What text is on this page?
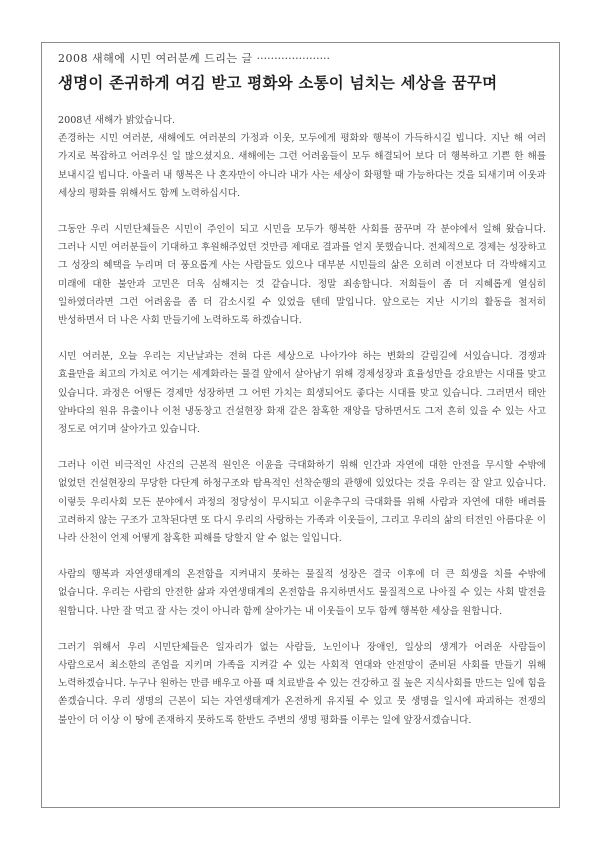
2008 새해에 시민 여러분께 드리는 글 ·····················
생명이 존귀하게 여김 받고 평화와 소통이 넘치는 세상을 꿈꾸며

2008년 새해가 밝았습니다.

존경하는 시민 여러분, 새해에도 여러분의 가정과 이웃, 모두에게 평화와 행복이 가득하시길 빕니다. 지난 해 여러 가지로 복잡하고 어려우신 일 많으셨지요. 새해에는 그런 어려움들이 모두 해결되어 보다 더 행복하고 기쁜 한 해를 보내시길 빕니다. 아울러 내 행복은 나 혼자만이 아니라 내가 사는 세상이 화평할 때 가능하다는 것을 되새기며 이웃과 세상의 평화를 위해서도 함께 노력하십시다.

그동안 우리 시민단체들은 시민이 주인이 되고 시민을 모두가 행복한 사회를 꿈꾸며 각 분야에서 일해 왔습니다. 그러나 시민 여러분들이 기대하고 후원해주었던 것만큼 제대로 결과를 얻지 못했습니다. 전체적으로 경제는 성장하고 그 성장의 혜택을 누리며 더 풍요롭게 사는 사람들도 있으나 대부분 시민들의 삶은 오히려 이전보다 더 각박해지고 미래에 대한 불안과 고민은 더욱 심해지는 것 같습니다. 정말 죄송합니다. 저희들이 좀 더 지혜롭게 열심히 일하였더라면 그런 어려움을 좀 더 감소시킬 수 있었을 텐데 말입니다. 앞으로는 지난 시기의 활동을 철저히 반성하면서 더 나은 사회 만들기에 노력하도록 하겠습니다.

시민 여러분, 오늘 우리는 지난날과는 전혀 다른 세상으로 나아가야 하는 변화의 갈림길에 서있습니다. 경쟁과 효율만을 최고의 가치로 여기는 세계화라는 물결 앞에서 살아남기 위해 경제성장과 효율성만을 강요받는 시대를 맞고 있습니다. 과정은 어떻든 경제만 성장하면 그 어떤 가치는 희생되어도 좋다는 시대를 맞고 있습니다. 그러면서 태안 앞바다의 원유 유출이나 이천 냉동창고 건설현장 화재 같은 참혹한 재앙을 당하면서도 그저 흔히 있을 수 있는 사고 정도로 여기며 살아가고 있습니다.

그러나 이런 비극적인 사건의 근본적 원인은 이윤을 극대화하기 위해 인간과 자연에 대한 안전을 무시할 수밖에 없었던 건설현장의 무당한 다단계 하청구조와 탐욕적인 선착순행의 관행에 있었다는 것을 우리는 잘 알고 있습니다. 이렇듯 우리사회 모든 분야에서 과정의 정당성이 무시되고 이윤추구의 극대화를 위해 사람과 자연에 대한 배려를 고려하지 않는 구조가 고착된다면 또 다시 우리의 사랑하는 가족과 이웃들이, 그리고 우리의 삶의 터전인 아름다운 이 나라 산천이 언제 어떻게 참혹한 피해를 당할지 알 수 없는 일입니다.

사람의 행복과 자연생태계의 온전함을 지켜내지 못하는 물질적 성장은 결국 이후에 더 큰 희생을 치를 수밖에 없습니다. 우리는 사람의 안전한 삶과 자연생태계의 온전함을 유지하면서도 물질적으로 나아질 수 있는 사회 발전을 원합니다. 나만 잘 먹고 잘 사는 것이 아니라 함께 살아가는 내 이웃들이 모두 함께 행복한 세상을 원합니다.

그러기 위해서 우리 시민단체들은 일자리가 없는 사람들, 노인이나 장애인, 일상의 생계가 어려운 사람들이 사람으로서 최소한의 존엄을 지키며 가족을 지켜갈 수 있는 사회적 연대와 안전망이 준비된 사회를 만들기 위해 노력하겠습니다. 누구나 원하는 만큼 배우고 아플 때 치료받을 수 있는 건강하고 질 높은 지식사회를 만드는 일에 힘을 쏟겠습니다. 우리 생명의 근본이 되는 자연생태계가 온전하게 유지될 수 있고 뭇 생명을 일시에 파괴하는 전쟁의 불안이 더 이상 이 땅에 존재하지 못하도록 한반도 주변의 생명 평화를 이루는 일에 앞장서겠습니다.
